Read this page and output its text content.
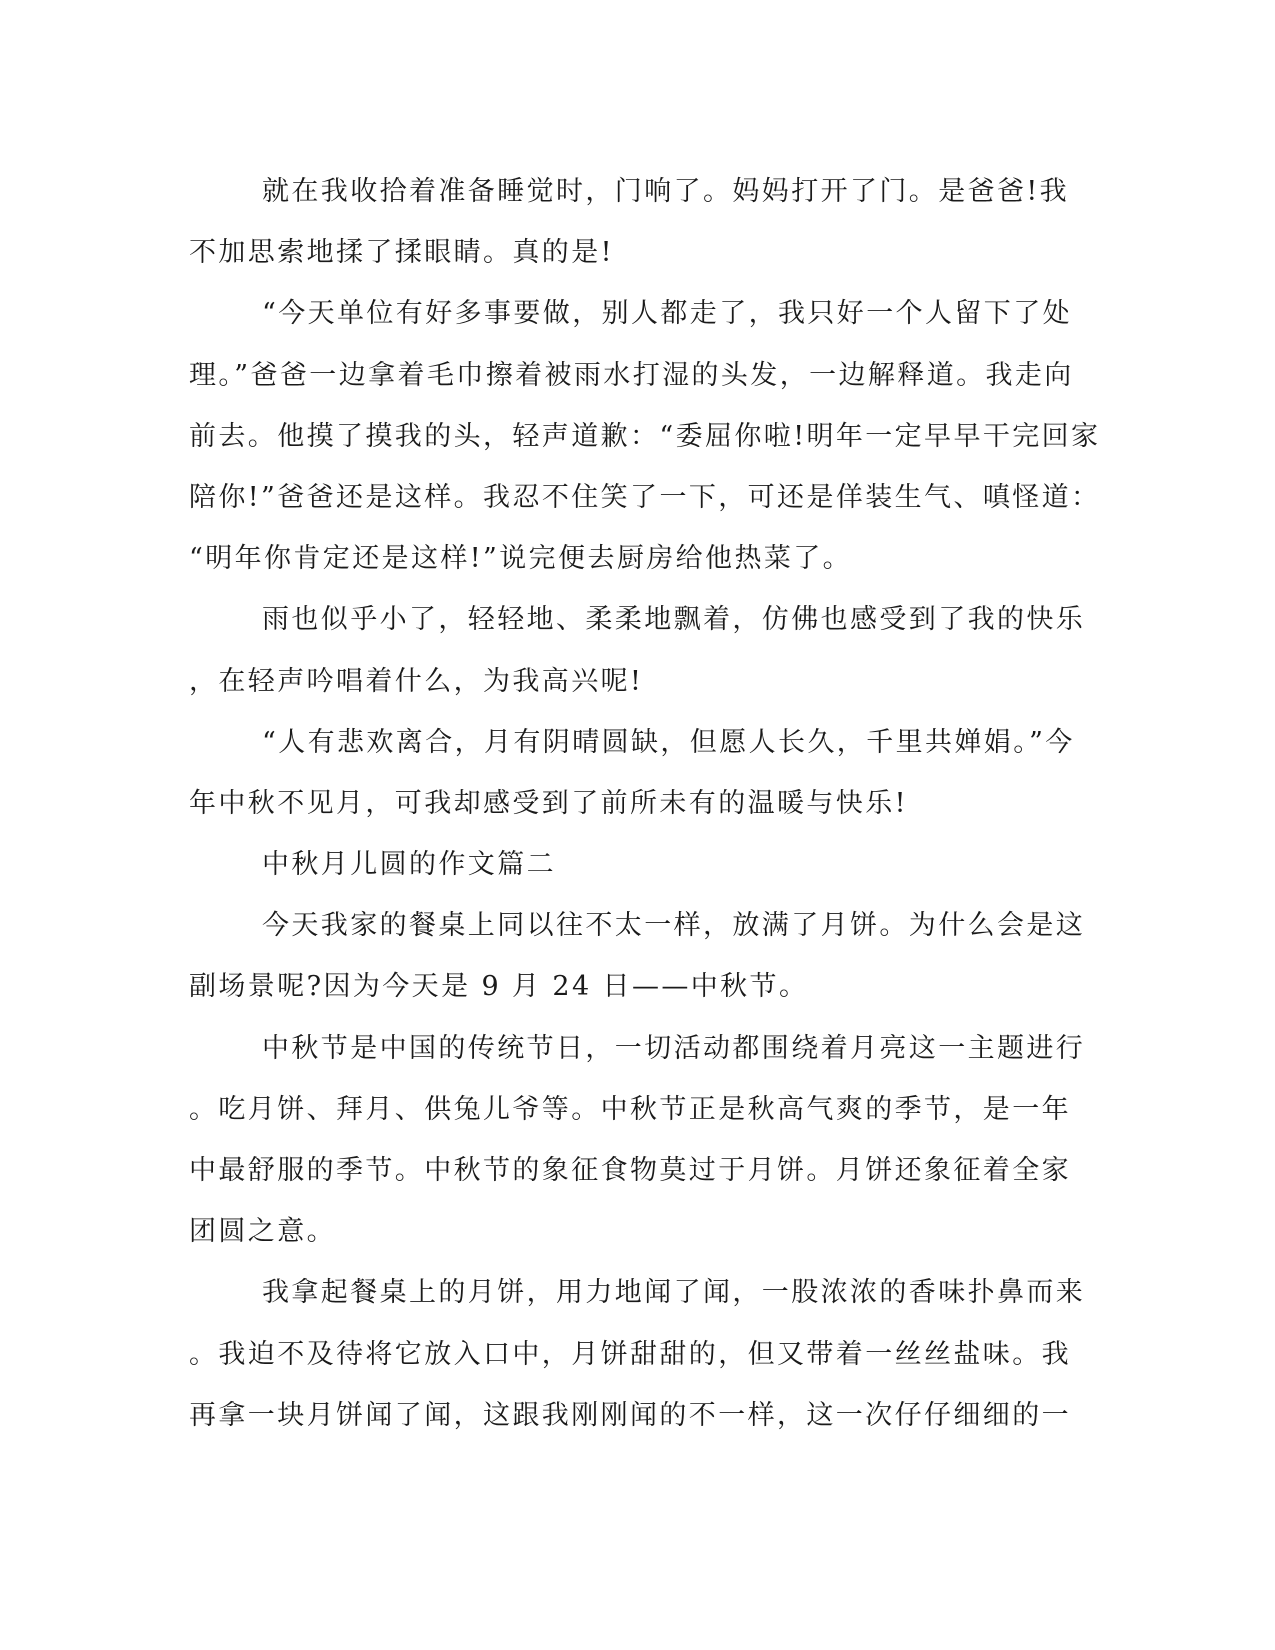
就在我收拾着准备睡觉时，门响了。妈妈打开了门。是爸爸!我
不加思索地揉了揉眼睛。真的是!
“今天单位有好多事要做，别人都走了，我只好一个人留下了处
理。”爸爸一边拿着毛巾擦着被雨水打湿的头发，一边解释道。我走向
前去。他摸了摸我的头，轻声道歉：“委屈你啦!明年一定早早干完回家
陪你!”爸爸还是这样。我忍不住笑了一下，可还是佯装生气、嗔怪道：
“明年你肯定还是这样!”说完便去厨房给他热菜了。
雨也似乎小了，轻轻地、柔柔地飘着，仿佛也感受到了我的快乐
，在轻声吟唱着什么，为我高兴呢!
“人有悲欢离合，月有阴晴圆缺，但愿人长久，千里共婵娟。”今
年中秋不见月，可我却感受到了前所未有的温暖与快乐!
中秋月儿圆的作文篇二
今天我家的餐桌上同以往不太一样，放满了月饼。为什么会是这
副场景呢?因为今天是 9 月 24 日——中秋节。
中秋节是中国的传统节日，一切活动都围绕着月亮这一主题进行
。吃月饼、拜月、供兔儿爷等。中秋节正是秋高气爽的季节，是一年
中最舒服的季节。中秋节的象征食物莫过于月饼。月饼还象征着全家
团圆之意。
我拿起餐桌上的月饼，用力地闻了闻，一股浓浓的香味扑鼻而来
。我迫不及待将它放入口中，月饼甜甜的，但又带着一丝丝盐味。我
再拿一块月饼闻了闻，这跟我刚刚闻的不一样，这一次仔仔细细的一
